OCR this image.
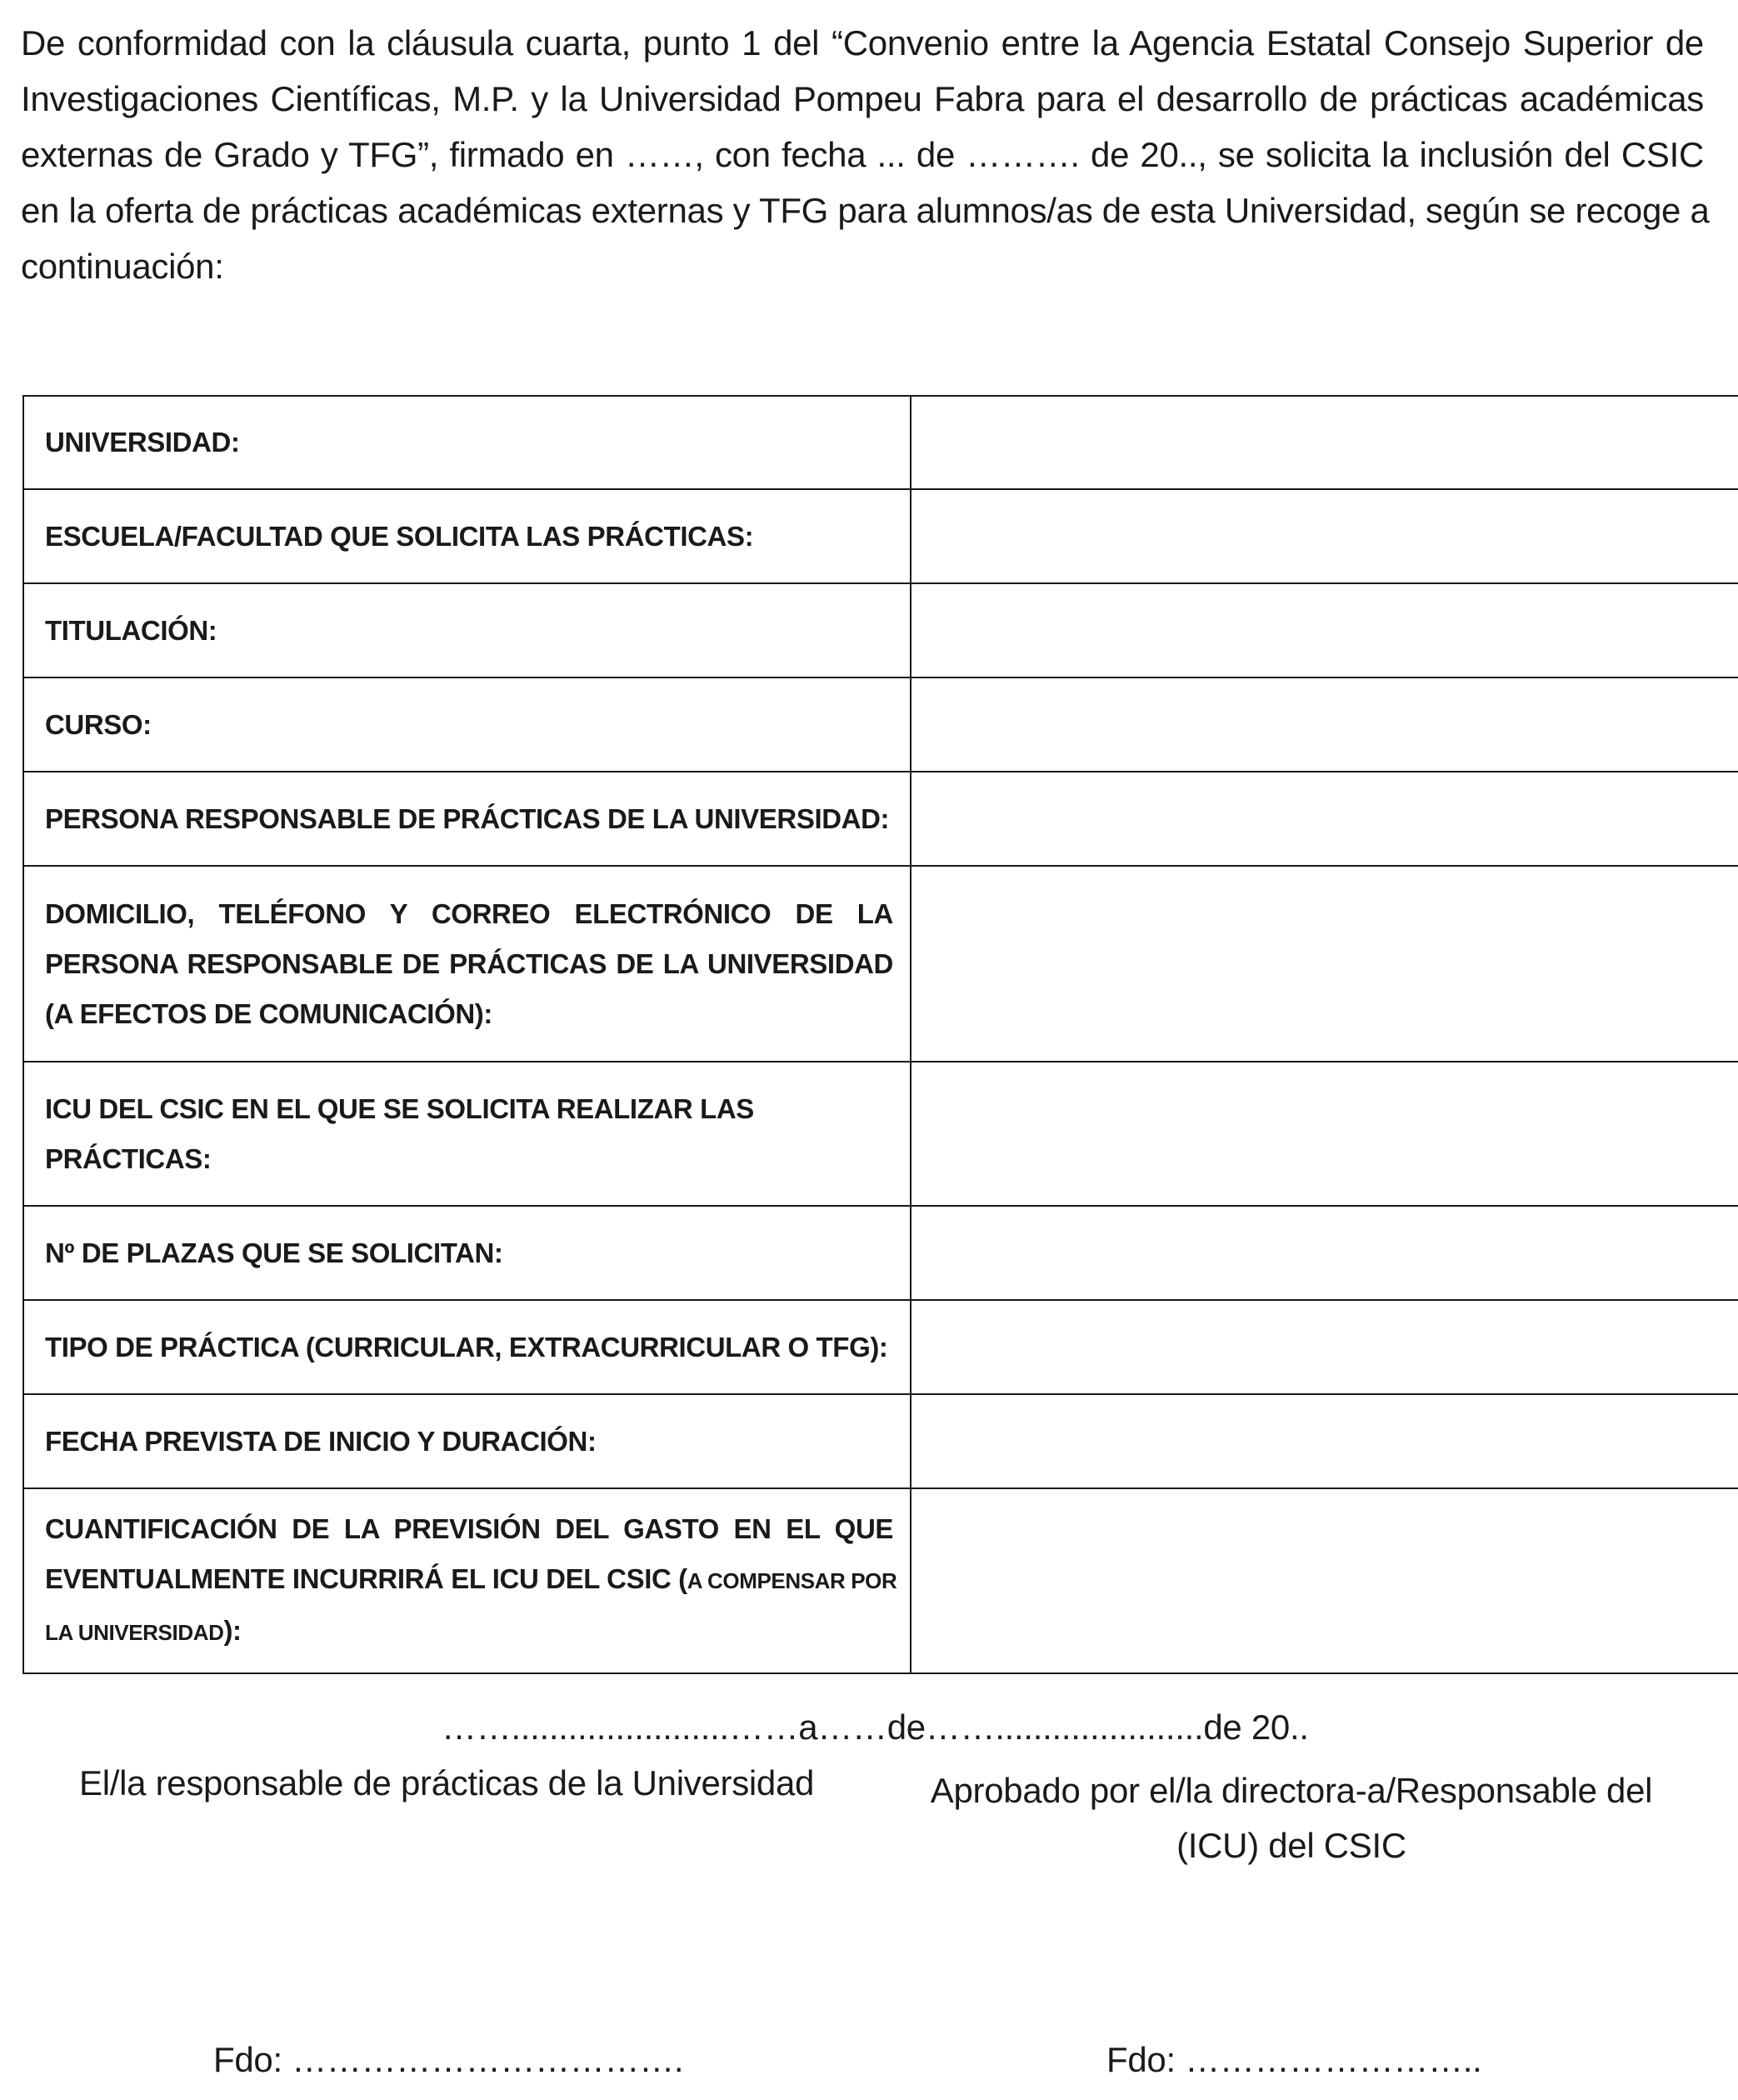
De conformidad con la cláusula cuarta, punto 1 del “Convenio entre la Agencia Estatal Consejo Superior de
Investigaciones Científicas, M.P. y la Universidad Pompeu Fabra para el desarrollo de prácticas académicas
externas de Grado y TFG”, firmado en ……, con fecha ... de ………. de 20.., se solicita la inclusión del CSIC
en la oferta de prácticas académicas externas y TFG para alumnos/as de esta Universidad, según se recoge a
continuación:
UNIVERSIDAD:	
ESCUELA/FACULTAD QUE SOLICITA LAS PRÁCTICAS:	
TITULACIÓN:	
CURSO:	
PERSONA RESPONSABLE DE PRÁCTICAS DE LA UNIVERSIDAD:	

DOMICILIO, TELÉFONO Y CORREO ELECTRÓNICO DE LA
PERSONA RESPONSABLE DE PRÁCTICAS DE LA UNIVERSIDAD
(A EFECTOS DE COMUNICACIÓN):	

ICU DEL CSIC EN EL QUE SE SOLICITA REALIZAR LAS
PRÁCTICAS:	

Nº DE PLAZAS QUE SE SOLICITAN:	
TIPO DE PRÁCTICA (CURRICULAR, EXTRACURRICULAR O TFG):	
FECHA PREVISTA DE INICIO Y DURACIÓN:	

CUANTIFICACIÓN DE LA PREVISIÓN DEL GASTO EN EL QUE
EVENTUALMENTE INCURRIRÁ EL ICU DEL CSIC (A COMPENSAR POR
LA UNIVERSIDAD):	

…….......................……a……de……......................de 20..
El/la responsable de prácticas de la Universidad	Aprobado por el/la directora-a/Responsable del
(ICU) del CSIC
Fdo: …………………………….	Fdo: ……………………..
